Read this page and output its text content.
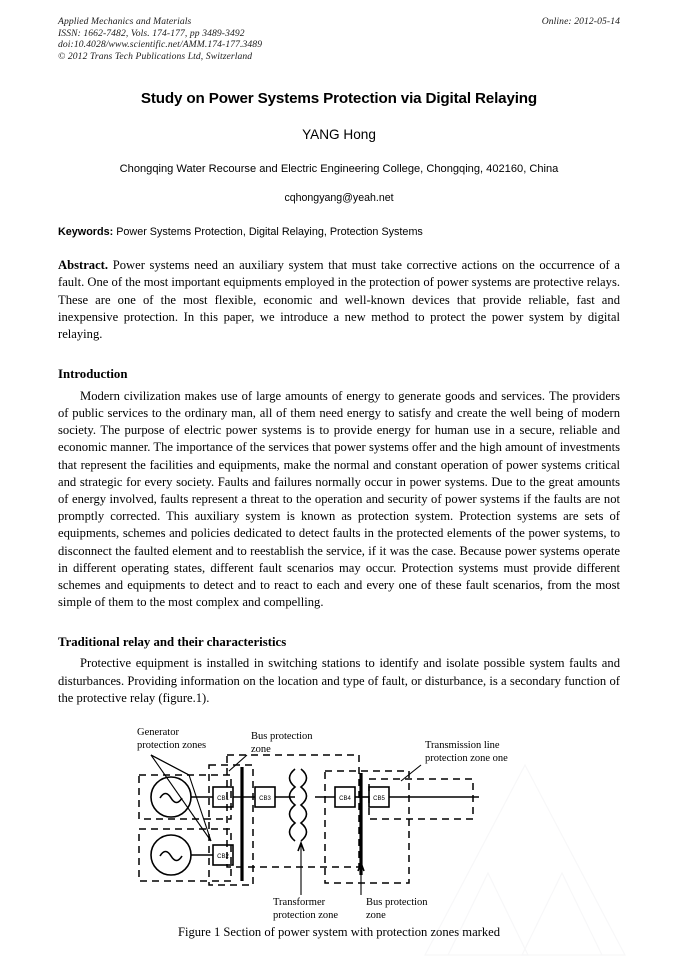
Online: 2012-05-14
Applied Mechanics and Materials
ISSN: 1662-7482, Vols. 174-177, pp 3489-3492
doi:10.4028/www.scientific.net/AMM.174-177.3489
© 2012 Trans Tech Publications Ltd, Switzerland
Study on Power Systems Protection via Digital Relaying
YANG Hong
Chongqing Water Recourse and Electric Engineering College, Chongqing, 402160, China
cqhongyang@yeah.net
Keywords: Power Systems Protection, Digital Relaying, Protection Systems
Abstract. Power systems need an auxiliary system that must take corrective actions on the occurrence of a fault. One of the most important equipments employed in the protection of power systems are protective relays. These are one of the most flexible, economic and well-known devices that provide reliable, fast and inexpensive protection. In this paper, we introduce a new method to protect the power system by digital relaying.
Introduction
Modern civilization makes use of large amounts of energy to generate goods and services. The providers of public services to the ordinary man, all of them need energy to satisfy and create the well being of modern society. The purpose of electric power systems is to provide energy for human use in a secure, reliable and economic manner. The importance of the services that power systems offer and the high amount of investments that represent the facilities and equipments, make the normal and constant operation of power systems critical and strategic for every society. Faults and failures normally occur in power systems. Due to the great amounts of energy involved, faults represent a threat to the operation and security of power systems if the faults are not promptly corrected. This auxiliary system is known as protection system. Protection systems are sets of equipments, schemes and policies dedicated to detect faults in the protected elements of the power systems, to disconnect the faulted element and to reestablish the service, if it was the case. Because power systems operate in different operating states, different fault scenarios may occur. Protection systems must provide different schemes and equipments to detect and to react to each and every one of these fault scenarios, from the most simple of them to the most complex and compelling.
Traditional relay and their characteristics
Protective equipment is installed in switching stations to identify and isolate possible system faults and disturbances. Providing information on the location and type of fault, or disturbance, is a secondary function of the protective relay (figure.1).
Generator
protection zones
Bus protection
zone	Transmission line
protection zone one
Transformer
protection zone
Bus protection
zone
CB1
CB2
CB3	CB4	CB5
Figure 1 Section of power system with protection zones marked
